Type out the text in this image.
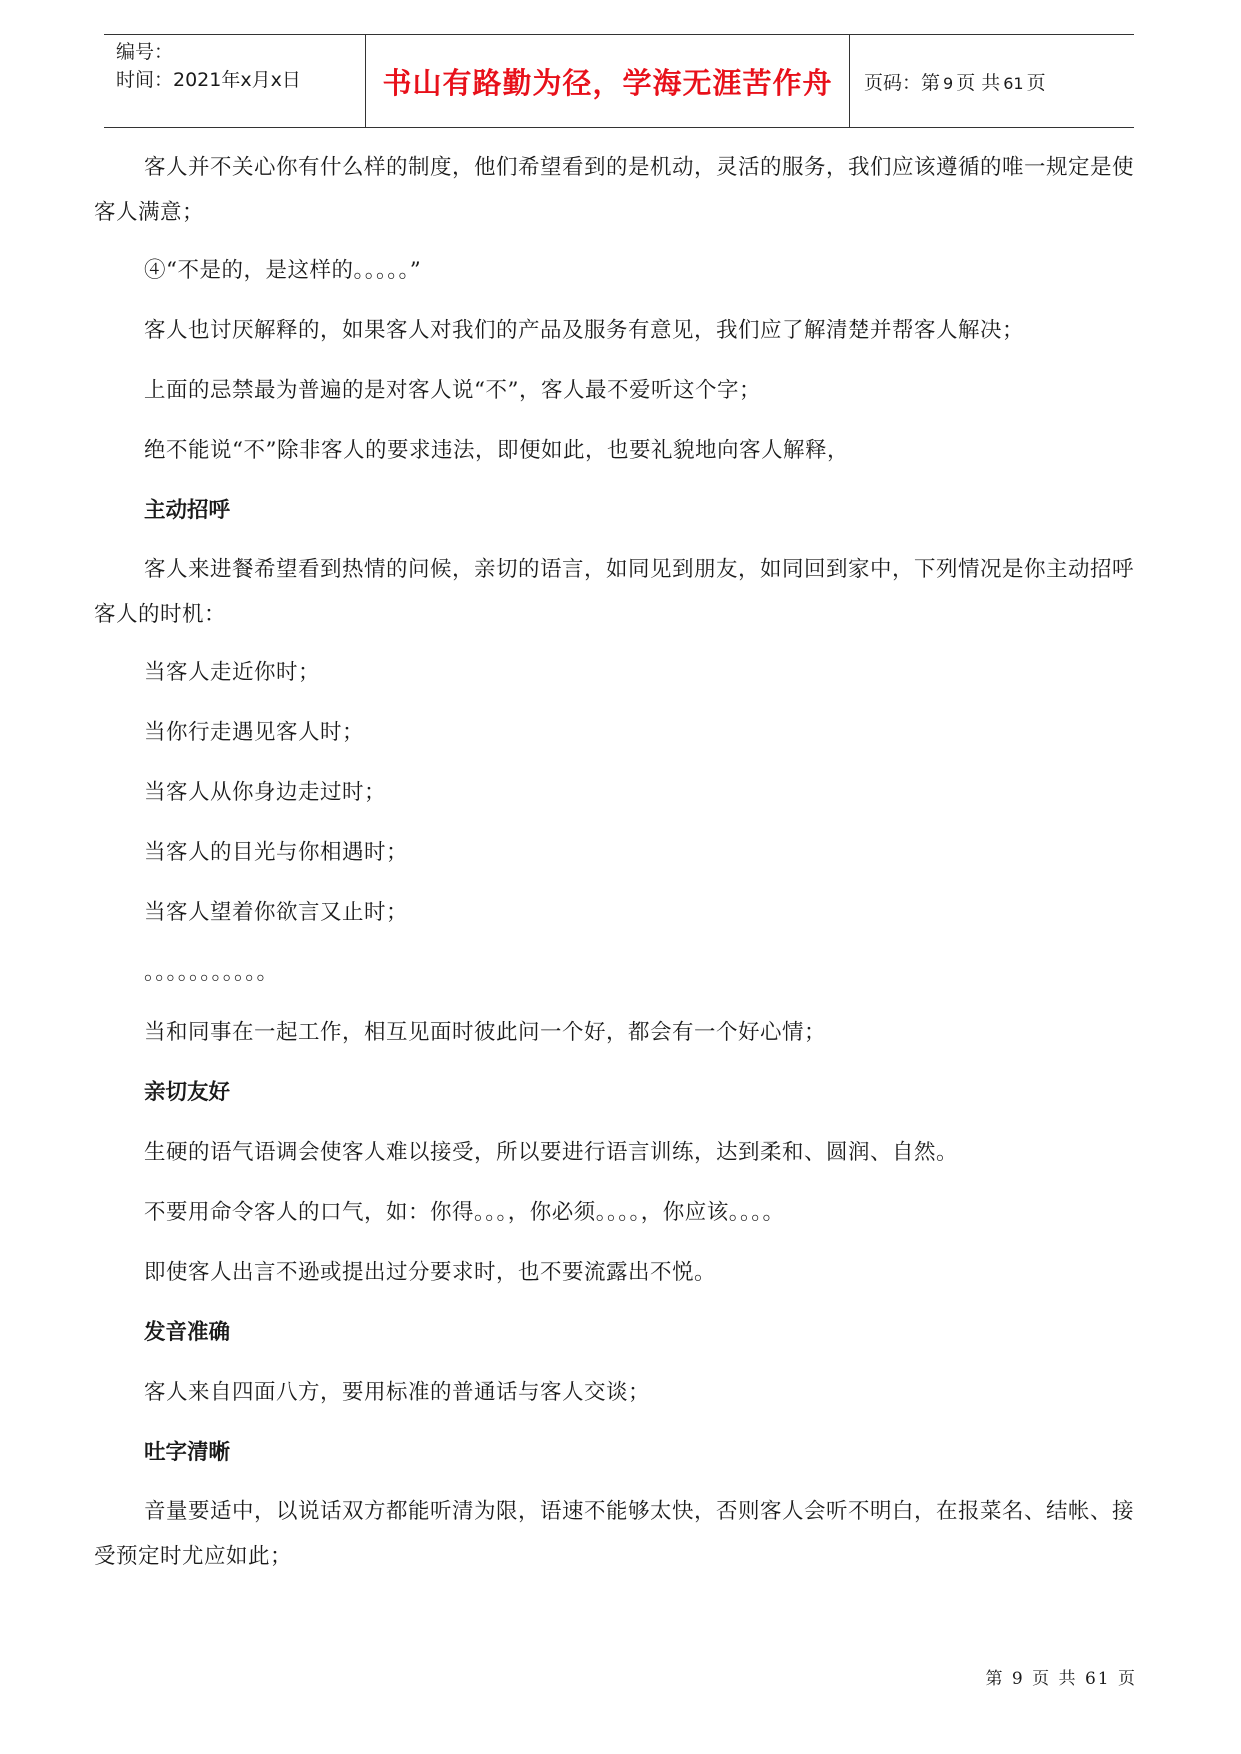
编号：
时间：2021年x月x日	书山有路勤为径，学海无涯苦作舟 页码：第 9 页 共 61 页

客人并不关心你有什么样的制度，他们希望看到的是机动，灵活的服务，我们应该遵循的唯一规定是使客人满意；

④“不是的，是这样的。。。。。”

客人也讨厌解释的，如果客人对我们的产品及服务有意见，我们应了解清楚并帮客人解决；

上面的忌禁最为普遍的是对客人说“不”，客人最不爱听这个字；

绝不能说“不”除非客人的要求违法，即便如此，也要礼貌地向客人解释，

主动招呼

客人来进餐希望看到热情的问候，亲切的语言，如同见到朋友，如同回到家中，下列情况是你主动招呼客人的时机：

当客人走近你时；

当你行走遇见客人时；

当客人从你身边走过时；

当客人的目光与你相遇时；

当客人望着你欲言又止时；

。。。。。。。。。。。

当和同事在一起工作，相互见面时彼此问一个好，都会有一个好心情；

亲切友好

生硬的语气语调会使客人难以接受，所以要进行语言训练，达到柔和、圆润、自然。

不要用命令客人的口气，如：你得。。。，你必须。。。。，你应该。。。。

即使客人出言不逊或提出过分要求时，也不要流露出不悦。

发音准确

客人来自四面八方，要用标准的普通话与客人交谈；

吐字清晰

音量要适中，以说话双方都能听清为限，语速不能够太快，否则客人会听不明白，在报菜名、结帐、接受预定时尤应如此；

第 9 页 共 61 页
